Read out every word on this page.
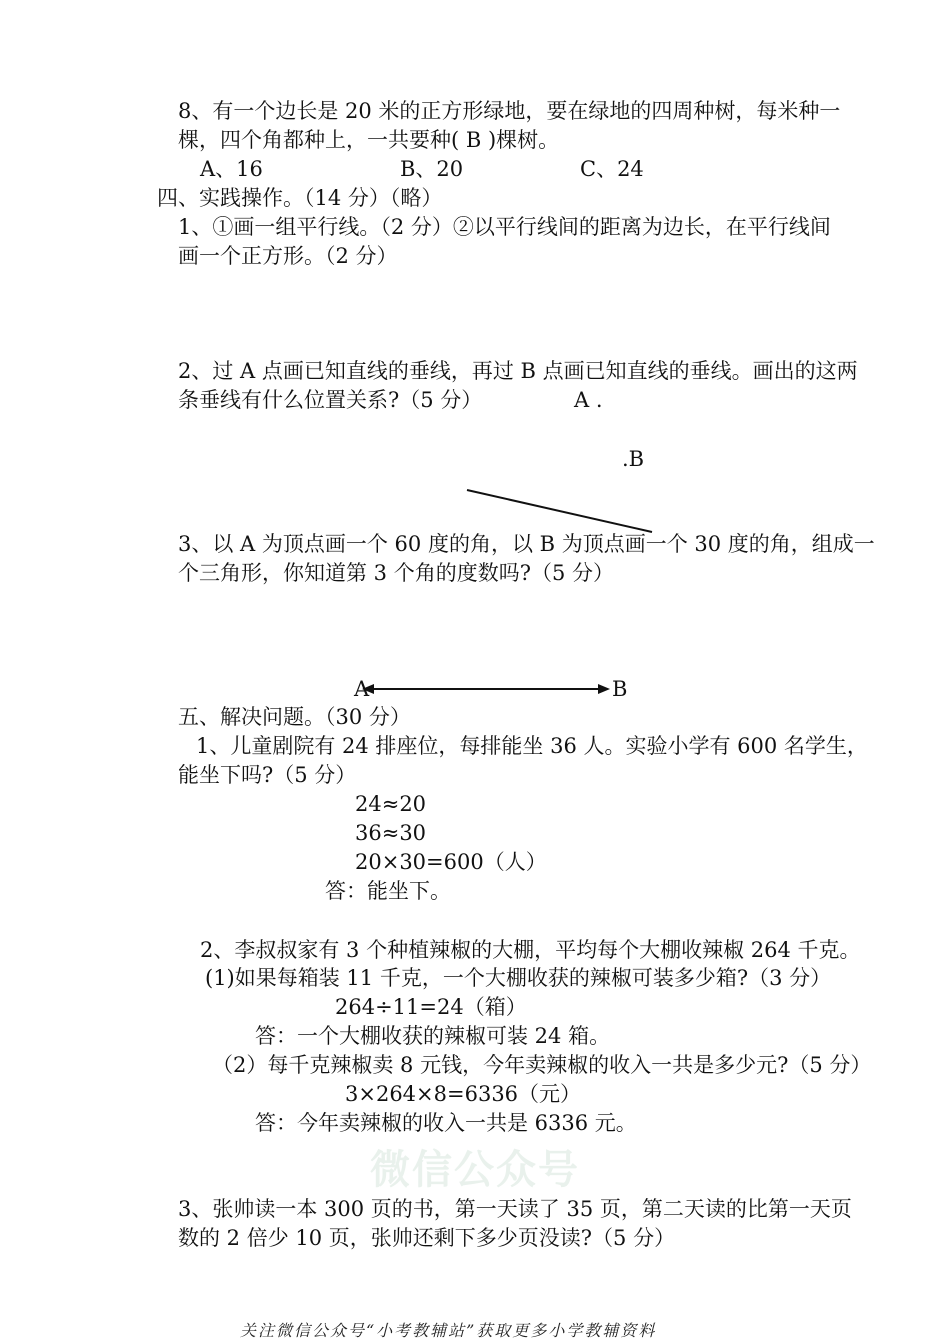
微信公众号
8、有一个边长是 20 米的正方形绿地，要在绿地的四周种树，每米种一
棵，四个角都种上，一共要种( B )棵树。
A、16	B、20	C、24
四、实践操作。（14 分）（略）
1、①画一组平行线。（2 分）②以平行线间的距离为边长，在平行线间
画一个正方形。（2 分）
2、过 A 点画已知直线的垂线，再过 B 点画已知直线的垂线。画出的这两
条垂线有什么位置关系?（5 分）	A .
.B
3、以 A 为顶点画一个 60 度的角，以 B 为顶点画一个 30 度的角，组成一
个三角形，你知道第 3 个角的度数吗?（5 分）
A	B
五、解决问题。（30 分）
1、儿童剧院有 24 排座位，每排能坐 36 人。实验小学有 600 名学生，
能坐下吗?（5 分）
24≈20
36≈30
20×30=600（人）
答：能坐下。
2、李叔叔家有 3 个种植辣椒的大棚，平均每个大棚收辣椒 264 千克。
(1)如果每箱装 11 千克，一个大棚收获的辣椒可装多少箱?（3 分）
264÷11=24（箱）
答：一个大棚收获的辣椒可装 24 箱。
（2）每千克辣椒卖 8 元钱，今年卖辣椒的收入一共是多少元?（5 分）
3×264×8=6336（元）
答：今年卖辣椒的收入一共是 6336 元。
3、张帅读一本 300 页的书，第一天读了 35 页，第二天读的比第一天页
数的 2 倍少 10 页，张帅还剩下多少页没读?（5 分）
关注微信公众号“小考教辅站”获取更多小学教辅资料
